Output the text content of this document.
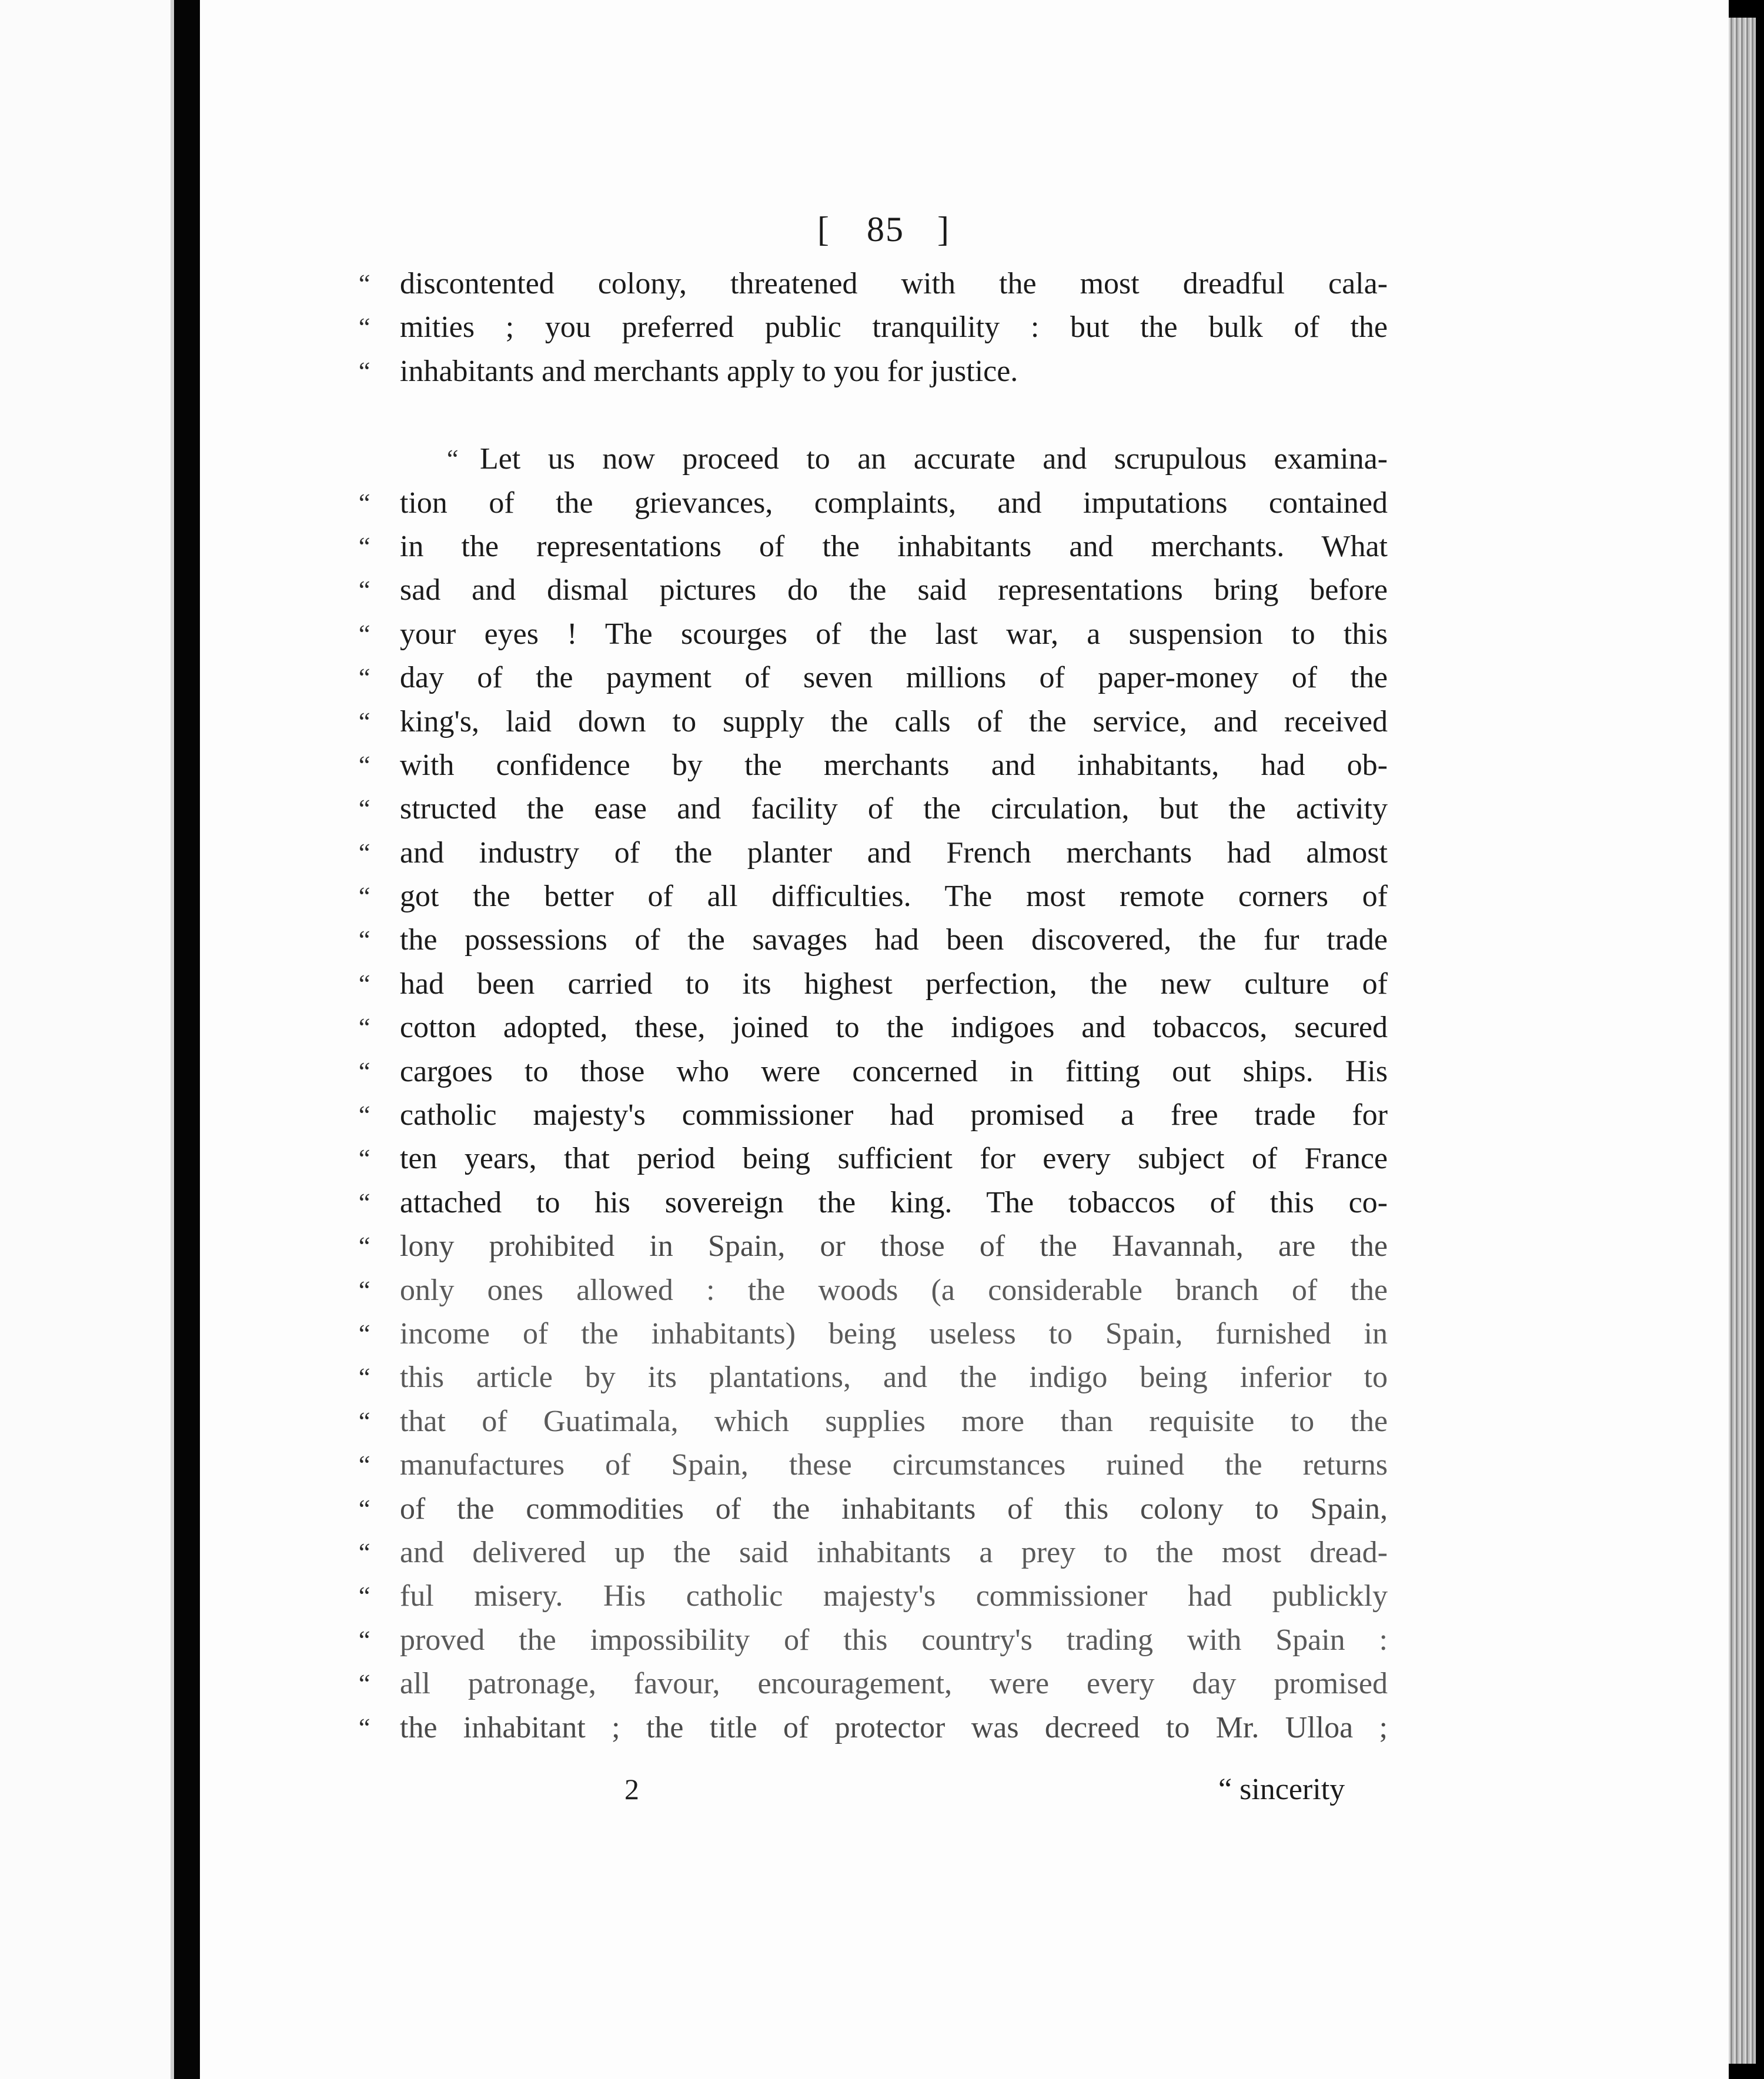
[ 85 ]
“ discontented colony, threatened with the most dreadful cala-
“ mities ; you preferred public tranquility : but the bulk of the
“ inhabitants and merchants apply to you for justice.
“ Let us now proceed to an accurate and scrupulous examina-
“ tion of the grievances, complaints, and imputations contained
“ in the representations of the inhabitants and merchants. What
“ sad and dismal pictures do the said representations bring before
“ your eyes ! The scourges of the last war, a suspension to this
“ day of the payment of seven millions of paper-money of the
“ king's, laid down to supply the calls of the service, and received
“ with confidence by the merchants and inhabitants, had ob-
“ structed the ease and facility of the circulation, but the activity
“ and industry of the planter and French merchants had almost
“ got the better of all difficulties. The most remote corners of
“ the possessions of the savages had been discovered, the fur trade
“ had been carried to its highest perfection, the new culture of
“ cotton adopted, these, joined to the indigoes and tobaccos, secured
“ cargoes to those who were concerned in fitting out ships. His
“ catholic majesty's commissioner had promised a free trade for
“ ten years, that period being sufficient for every subject of France
“ attached to his sovereign the king. The tobaccos of this co-
“ lony prohibited in Spain, or those of the Havannah, are the
“ only ones allowed : the woods (a considerable branch of the
“ income of the inhabitants) being useless to Spain, furnished in
“ this article by its plantations, and the indigo being inferior to
“ that of Guatimala, which supplies more than requisite to the
“ manufactures of Spain, these circumstances ruined the returns
“ of the commodities of the inhabitants of this colony to Spain,
“ and delivered up the said inhabitants a prey to the most dread-
“ ful misery. His catholic majesty's commissioner had publickly
“ proved the impossibility of this country's trading with Spain :
“ all patronage, favour, encouragement, were every day promised
“ the inhabitant ; the title of protector was decreed to Mr. Ulloa ;
2	“ sincerity
